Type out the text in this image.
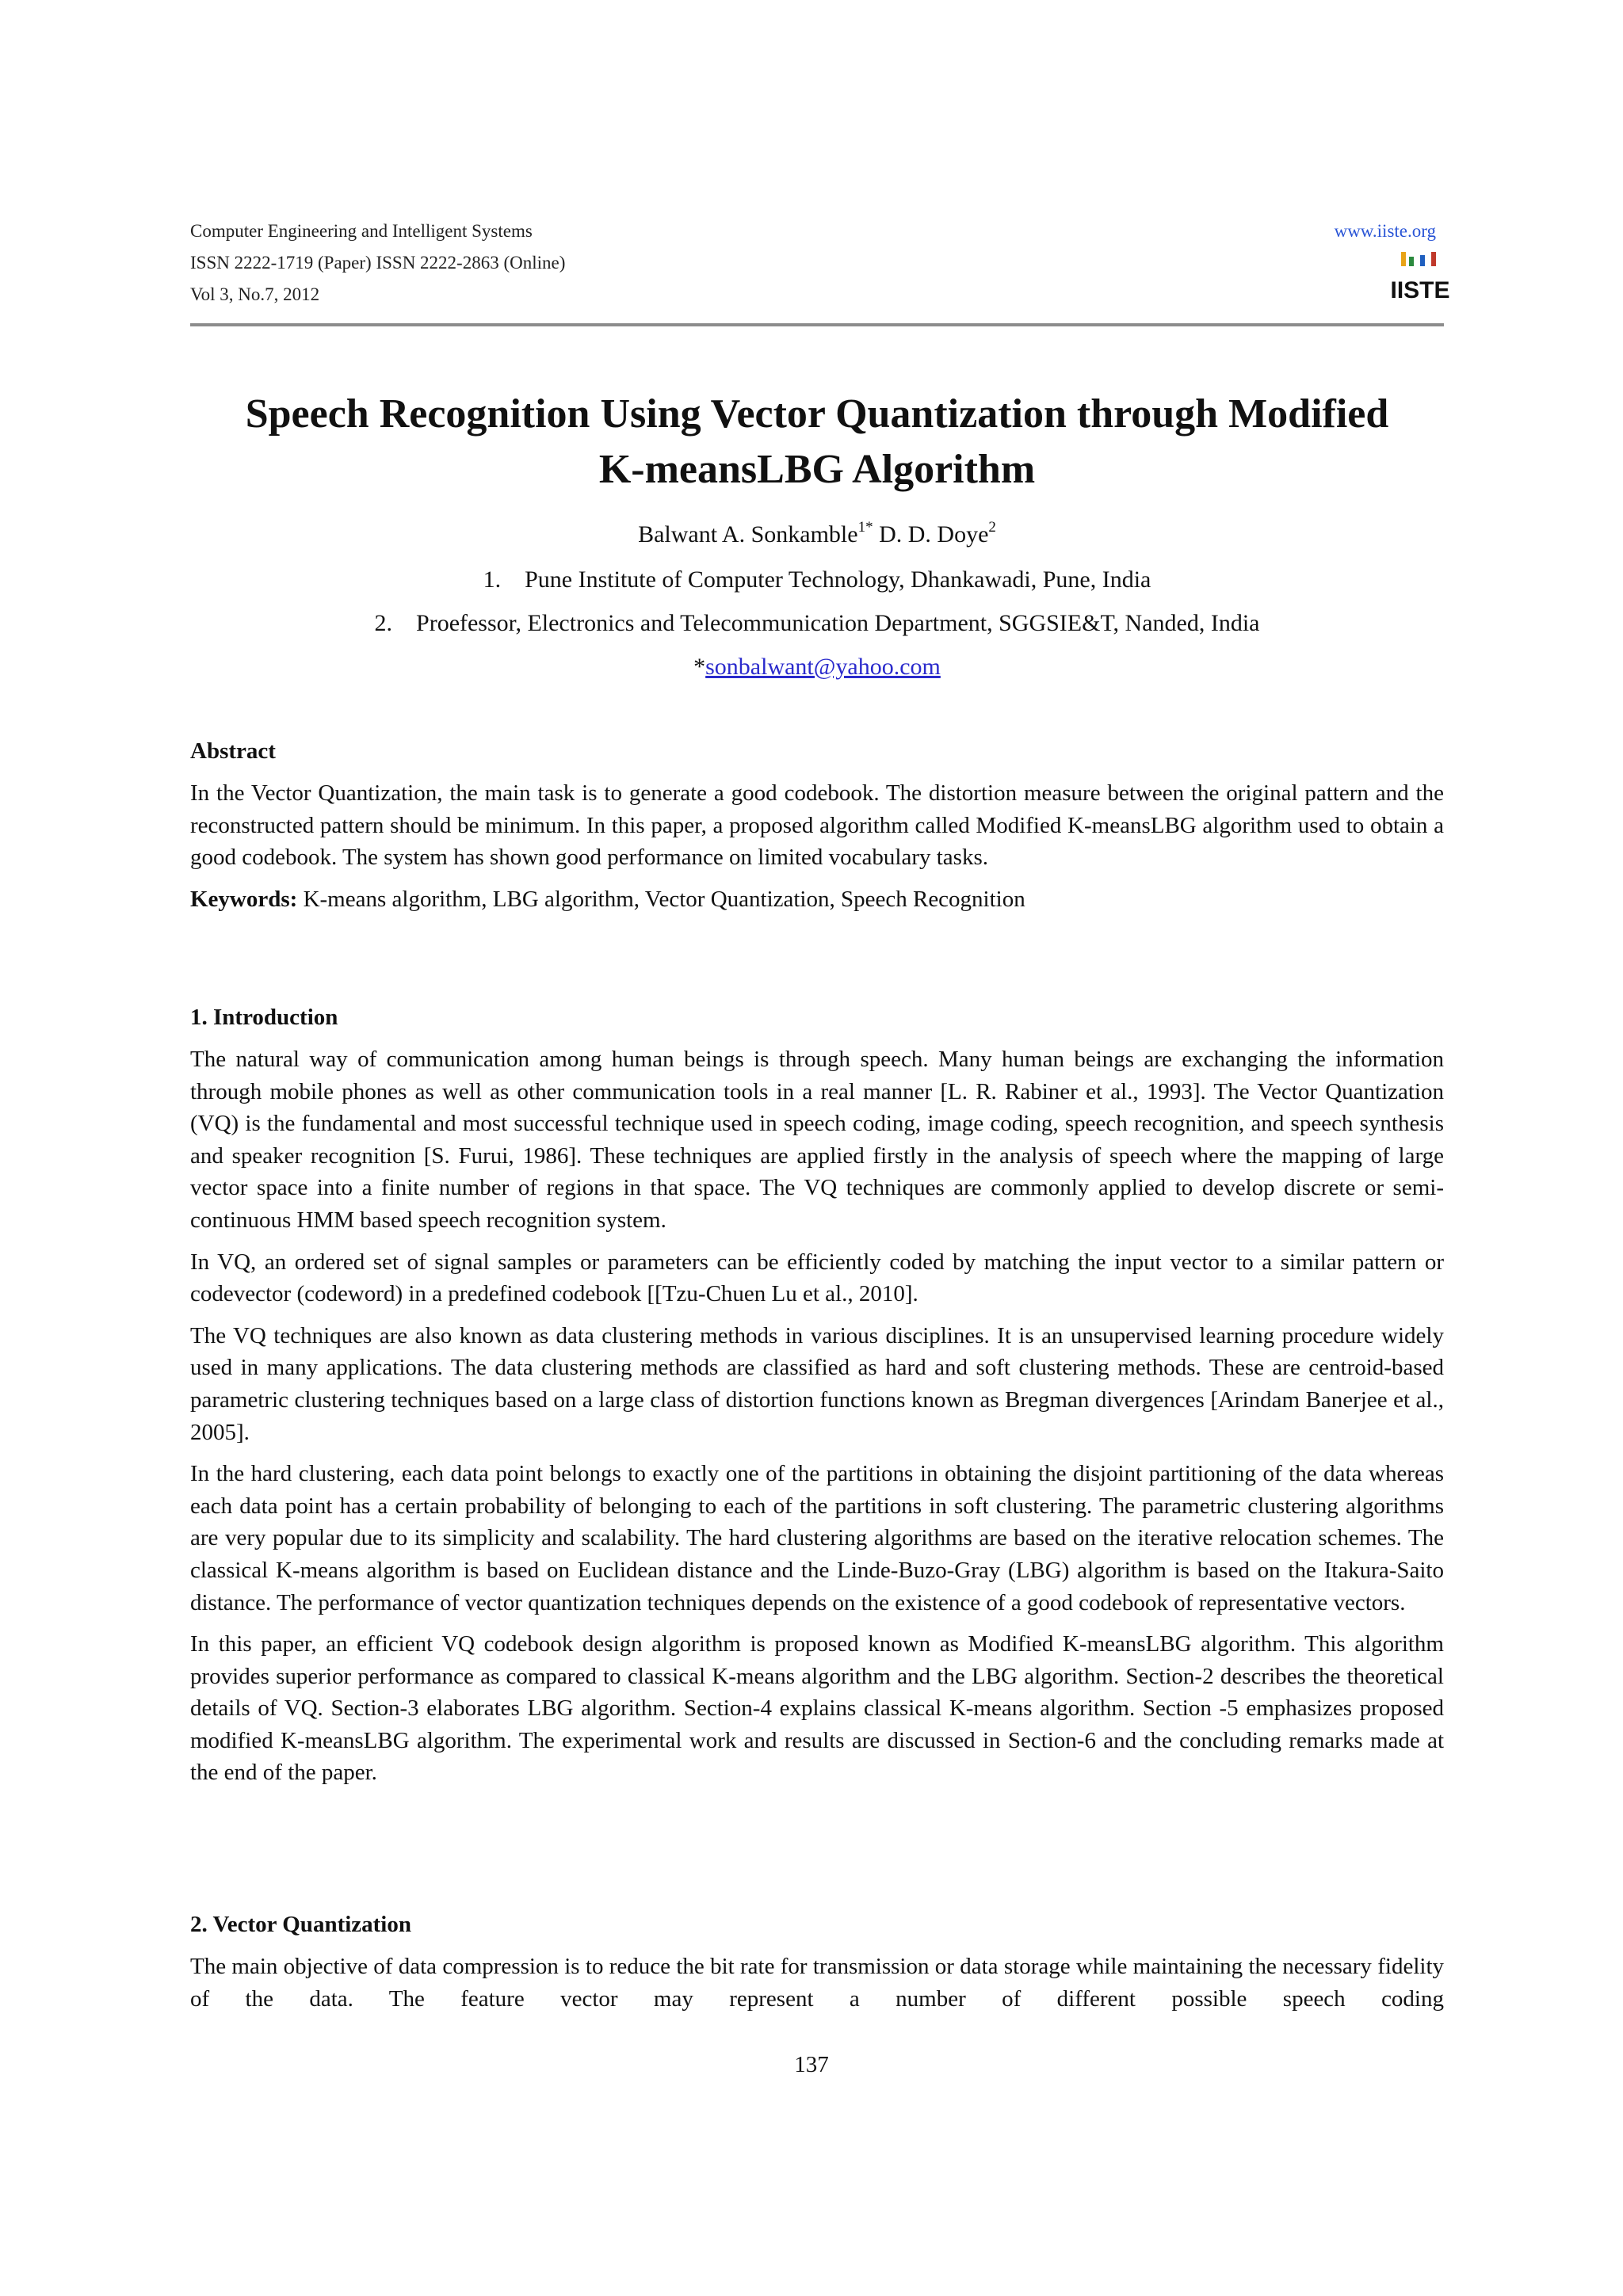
Computer Engineering and Intelligent Systems
ISSN 2222-1719 (Paper) ISSN 2222-2863 (Online)
Vol 3, No.7, 2012
www.iiste.org
IISTE
Speech Recognition Using Vector Quantization through Modified
K-meansLBG Algorithm
Balwant A. Sonkamble$^{1*}$ D. D. Doye$^2$
1. Pune Institute of Computer Technology, Dhankawadi, Pune, India
2. Proefessor, Electronics and Telecommunication Department, SGGSIE&T, Nanded, India
*sonbalwant@yahoo.com
Abstract

In the Vector Quantization, the main task is to generate a good codebook. The distortion measure between the original pattern and the reconstructed pattern should be minimum. In this paper, a proposed algorithm called Modified K-meansLBG algorithm used to obtain a good codebook. The system has shown good performance on limited vocabulary tasks.

Keywords: K-means algorithm, LBG algorithm, Vector Quantization, Speech Recognition

1. Introduction

The natural way of communication among human beings is through speech. Many human beings are exchanging the information through mobile phones as well as other communication tools in a real manner [L. R. Rabiner et al., 1993]. The Vector Quantization (VQ) is the fundamental and most successful technique used in speech coding, image coding, speech recognition, and speech synthesis and speaker recognition [S. Furui, 1986]. These techniques are applied firstly in the analysis of speech where the mapping of large vector space into a finite number of regions in that space. The VQ techniques are commonly applied to develop discrete or semi-continuous HMM based speech recognition system.

In VQ, an ordered set of signal samples or parameters can be efficiently coded by matching the input vector to a similar pattern or codevector (codeword) in a predefined codebook [[Tzu-Chuen Lu et al., 2010].

The VQ techniques are also known as data clustering methods in various disciplines. It is an unsupervised learning procedure widely used in many applications. The data clustering methods are classified as hard and soft clustering methods. These are centroid-based parametric clustering techniques based on a large class of distortion functions known as Bregman divergences [Arindam Banerjee et al., 2005].

In the hard clustering, each data point belongs to exactly one of the partitions in obtaining the disjoint partitioning of the data whereas each data point has a certain probability of belonging to each of the partitions in soft clustering. The parametric clustering algorithms are very popular due to its simplicity and scalability. The hard clustering algorithms are based on the iterative relocation schemes. The classical K-means algorithm is based on Euclidean distance and the Linde-Buzo-Gray (LBG) algorithm is based on the Itakura-Saito distance. The performance of vector quantization techniques depends on the existence of a good codebook of representative vectors.

In this paper, an efficient VQ codebook design algorithm is proposed known as Modified K-meansLBG algorithm. This algorithm provides superior performance as compared to classical K-means algorithm and the LBG algorithm. Section-2 describes the theoretical details of VQ. Section-3 elaborates LBG algorithm. Section-4 explains classical K-means algorithm. Section -5 emphasizes proposed modified K-meansLBG algorithm. The experimental work and results are discussed in Section-6 and the concluding remarks made at the end of the paper.

2. Vector Quantization

The main objective of data compression is to reduce the bit rate for transmission or data storage while maintaining the necessary fidelity of the data. The feature vector may represent a number of different possible speech coding

137
